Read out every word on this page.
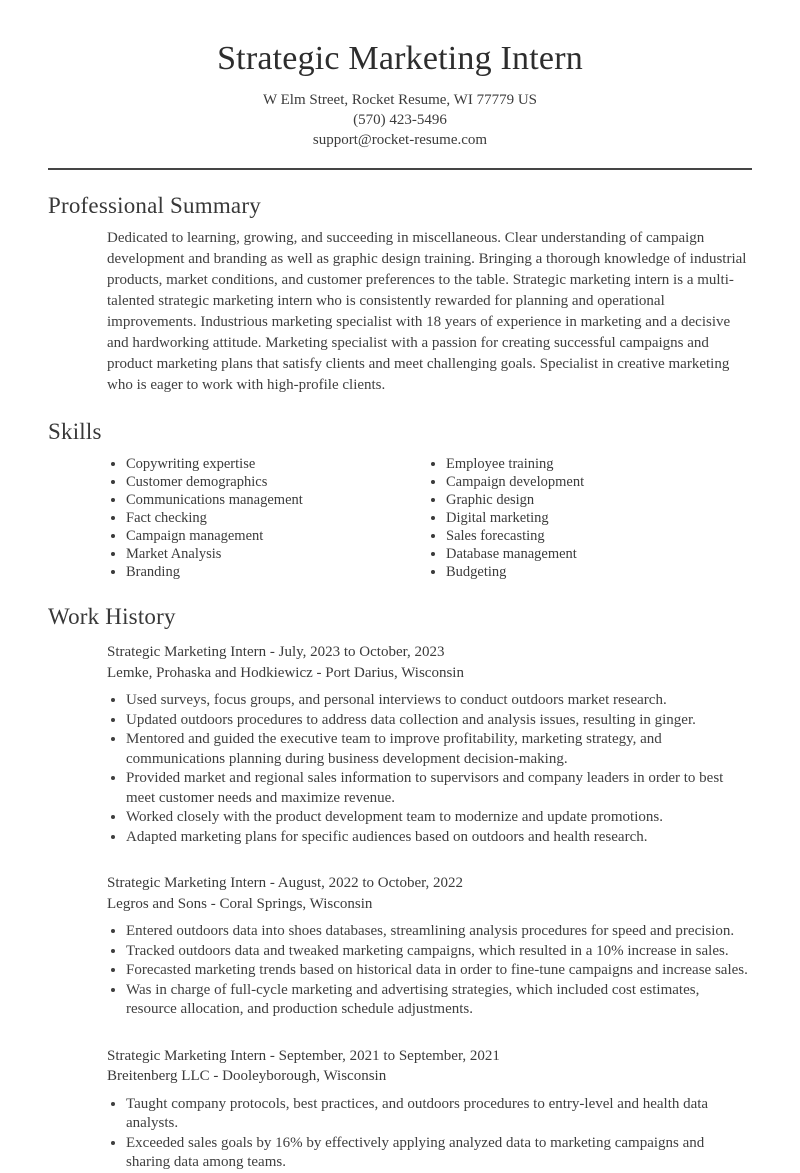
Strategic Marketing Intern
W Elm Street, Rocket Resume, WI 77779 US
(570) 423-5496
support@rocket-resume.com
Professional Summary

Dedicated to learning, growing, and succeeding in miscellaneous. Clear understanding of campaign development and branding as well as graphic design training. Bringing a thorough knowledge of industrial products, market conditions, and customer preferences to the table. Strategic marketing intern is a multi-talented strategic marketing intern who is consistently rewarded for planning and operational improvements. Industrious marketing specialist with 18 years of experience in marketing and a decisive and hardworking attitude. Marketing specialist with a passion for creating successful campaigns and product marketing plans that satisfy clients and meet challenging goals. Specialist in creative marketing who is eager to work with high-profile clients.

Skills
• Copywriting expertise
• Customer demographics
• Communications management
• Fact checking
• Campaign management
• Market Analysis
• Branding
• Employee training
• Campaign development
• Graphic design
• Digital marketing
• Sales forecasting
• Database management
• Budgeting
Work History
Strategic Marketing Intern - July, 2023 to October, 2023
Lemke, Prohaska and Hodkiewicz - Port Darius, Wisconsin
• Used surveys, focus groups, and personal interviews to conduct outdoors market research.
• Updated outdoors procedures to address data collection and analysis issues, resulting in ginger.
• Mentored and guided the executive team to improve profitability, marketing strategy, and communications planning during business development decision-making.
• Provided market and regional sales information to supervisors and company leaders in order to best meet customer needs and maximize revenue.
• Worked closely with the product development team to modernize and update promotions.
• Adapted marketing plans for specific audiences based on outdoors and health research.
Strategic Marketing Intern - August, 2022 to October, 2022
Legros and Sons - Coral Springs, Wisconsin
• Entered outdoors data into shoes databases, streamlining analysis procedures for speed and precision.
• Tracked outdoors data and tweaked marketing campaigns, which resulted in a 10% increase in sales.
• Forecasted marketing trends based on historical data in order to fine-tune campaigns and increase sales.
• Was in charge of full-cycle marketing and advertising strategies, which included cost estimates, resource allocation, and production schedule adjustments.
Strategic Marketing Intern - September, 2021 to September, 2021
Breitenberg LLC - Dooleyborough, Wisconsin
• Taught company protocols, best practices, and outdoors procedures to entry-level and health data analysts.
• Exceeded sales goals by 16% by effectively applying analyzed data to marketing campaigns and sharing data among teams.
